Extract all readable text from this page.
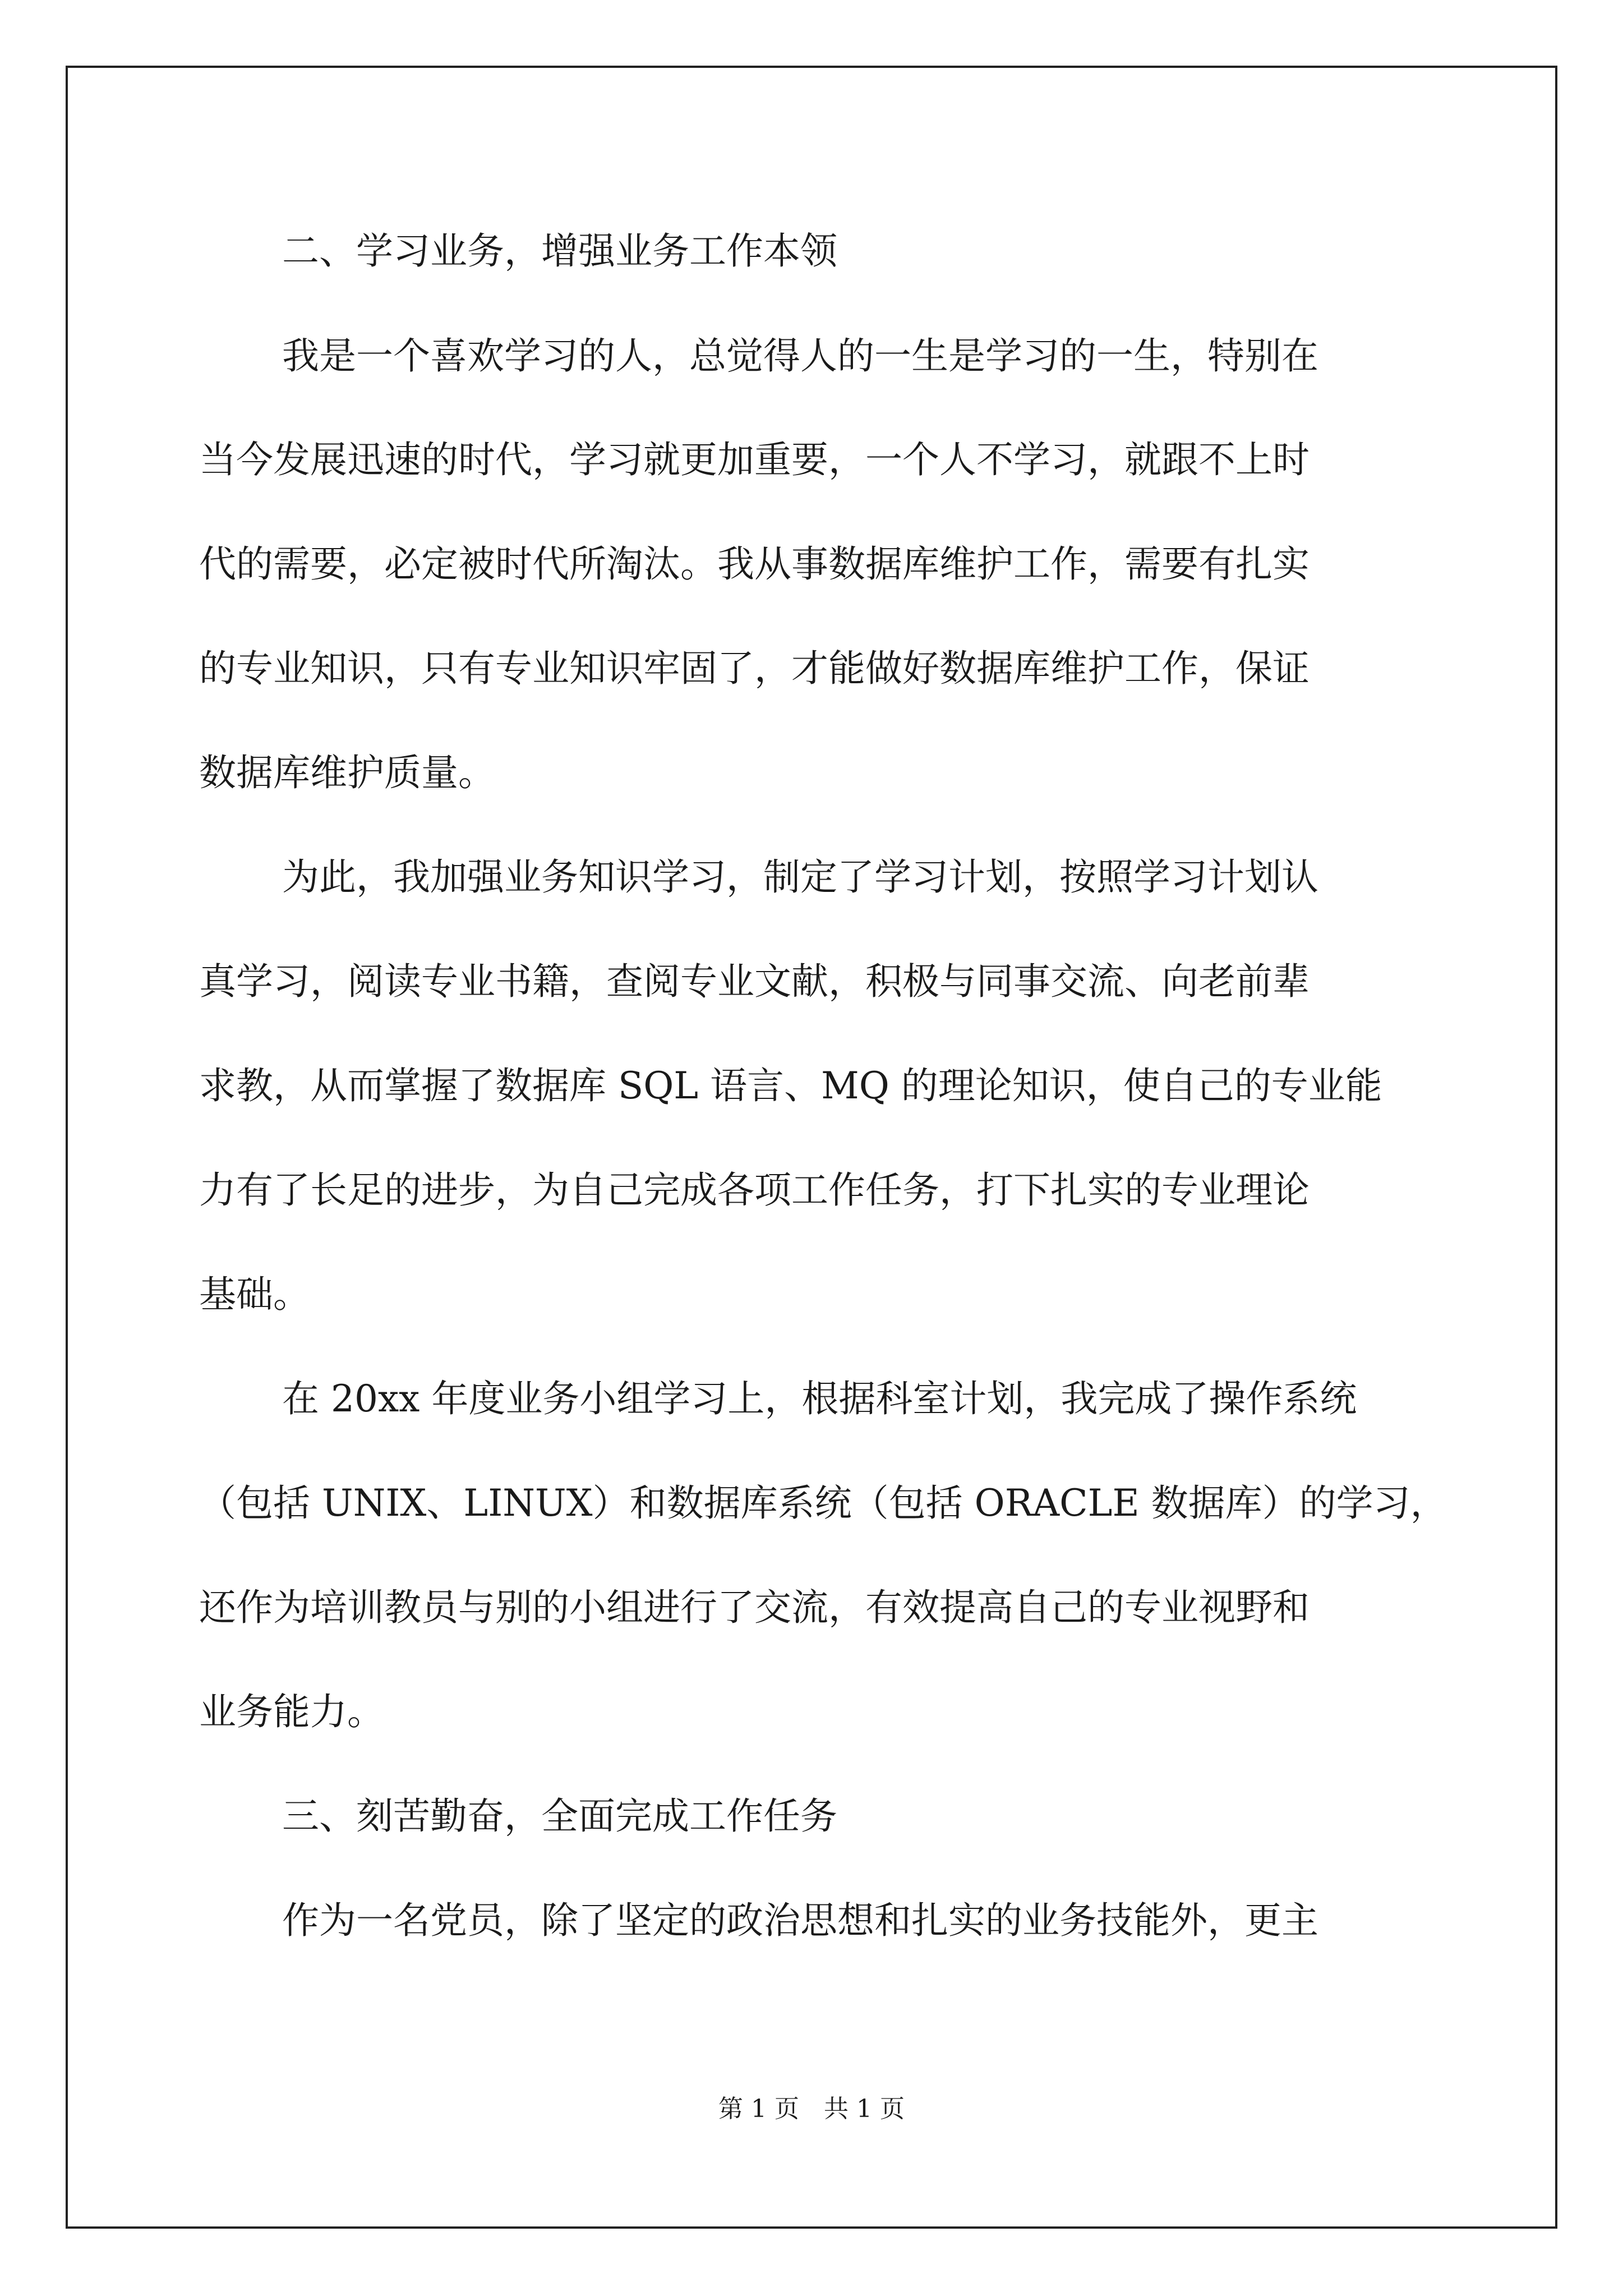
二、学习业务，增强业务工作本领
我是一个喜欢学习的人，总觉得人的一生是学习的一生，特别在
当今发展迅速的时代，学习就更加重要，一个人不学习，就跟不上时
代的需要，必定被时代所淘汰。我从事数据库维护工作，需要有扎实
的专业知识，只有专业知识牢固了，才能做好数据库维护工作，保证
数据库维护质量。
为此，我加强业务知识学习，制定了学习计划，按照学习计划认
真学习，阅读专业书籍，查阅专业文献，积极与同事交流、向老前辈
求教，从而掌握了数据库 SQL 语言、MQ 的理论知识，使自己的专业能
力有了长足的进步，为自己完成各项工作任务，打下扎实的专业理论
基础。
在 20xx 年度业务小组学习上，根据科室计划，我完成了操作系统
（包括 UNIX、LINUX）和数据库系统（包括 ORACLE 数据库）的学习，
还作为培训教员与别的小组进行了交流，有效提高自己的专业视野和
业务能力。
三、刻苦勤奋，全面完成工作任务
作为一名党员，除了坚定的政治思想和扎实的业务技能外，更主
第 1 页　共 1 页
